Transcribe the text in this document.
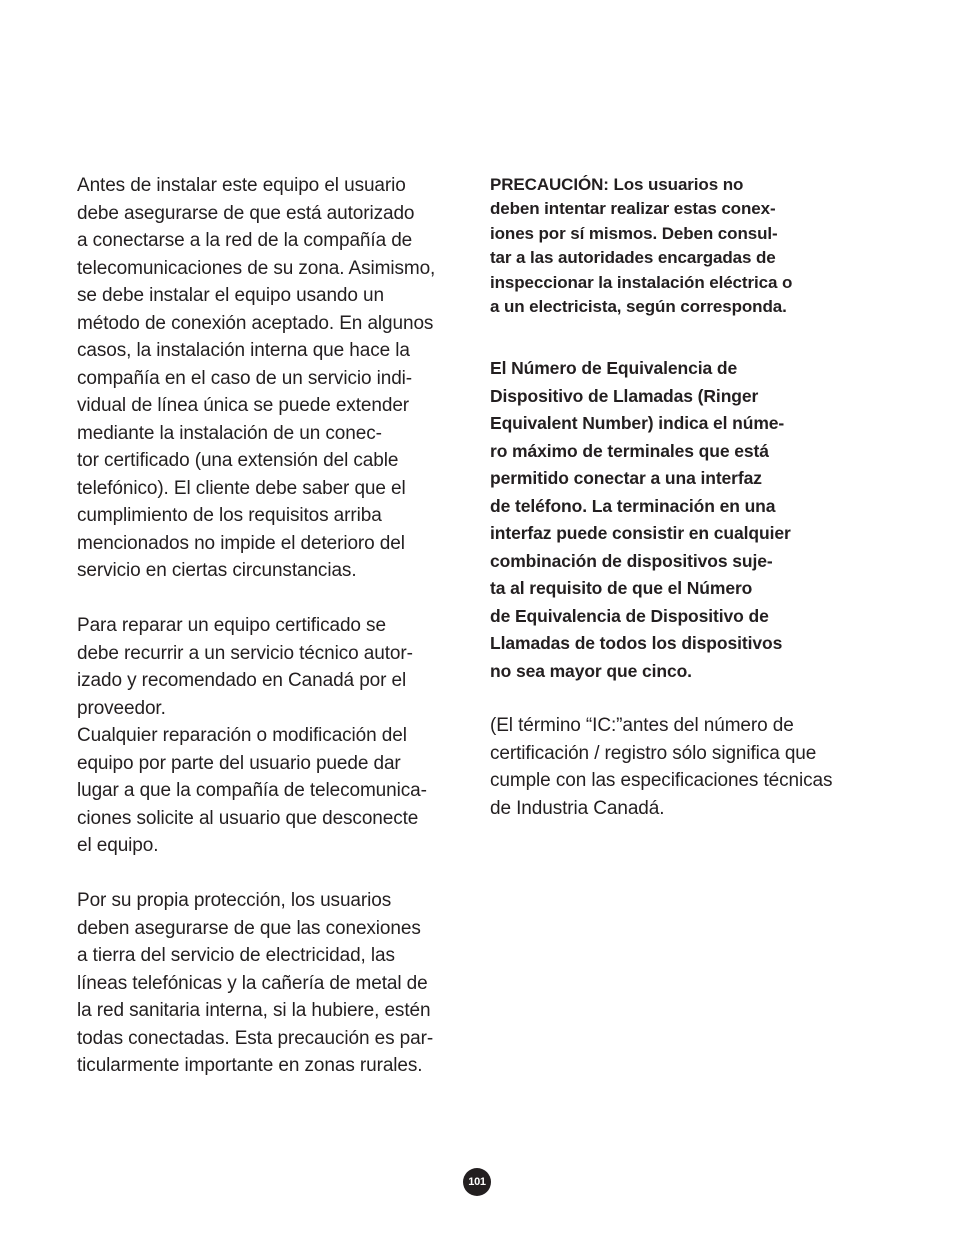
Antes de instalar este equipo el usuario
debe asegurarse de que está autorizado
a conectarse a la red de la compañía de
telecomunicaciones de su zona. Asimismo,
se debe instalar el equipo usando un
método de conexión aceptado. En algunos
casos, la instalación interna que hace la
compañía en el caso de un servicio indi-
vidual de línea única se puede extender
mediante la instalación de un conec-
tor certificado (una extensión del cable
telefónico). El cliente debe saber que el
cumplimiento de los requisitos arriba
mencionados no impide el deterioro del
servicio en ciertas circunstancias.
Para reparar un equipo certificado se
debe recurrir a un servicio técnico autor-
izado y recomendado en Canadá por el
proveedor.
Cualquier reparación o modificación del
equipo por parte del usuario puede dar
lugar a que la compañía de telecomunica-
ciones solicite al usuario que desconecte
el equipo.
Por su propia protección, los usuarios
deben asegurarse de que las conexiones
a tierra del servicio de electricidad, las
líneas telefónicas y la cañería de metal de
la red sanitaria interna, si la hubiere, estén
todas conectadas. Esta precaución es par-
ticularmente importante en zonas rurales.
PRECAUCIÓN: Los usuarios no
deben intentar realizar estas conex-
iones por sí mismos. Deben consul-
tar a las autoridades encargadas de
inspeccionar la instalación eléctrica o
a un electricista, según corresponda.
El Número de Equivalencia de
Dispositivo de Llamadas (Ringer
Equivalent Number) indica el núme-
ro máximo de terminales que está
permitido conectar a una interfaz
de teléfono. La terminación en una
interfaz puede consistir en cualquier
combinación de dispositivos suje-
ta al requisito de que el Número
de Equivalencia de Dispositivo de
Llamadas de todos los dispositivos
no sea mayor que cinco.
(El término “IC:”antes del número de
certificación / registro sólo significa que
cumple con las especificaciones técnicas
de Industria Canadá.
101
